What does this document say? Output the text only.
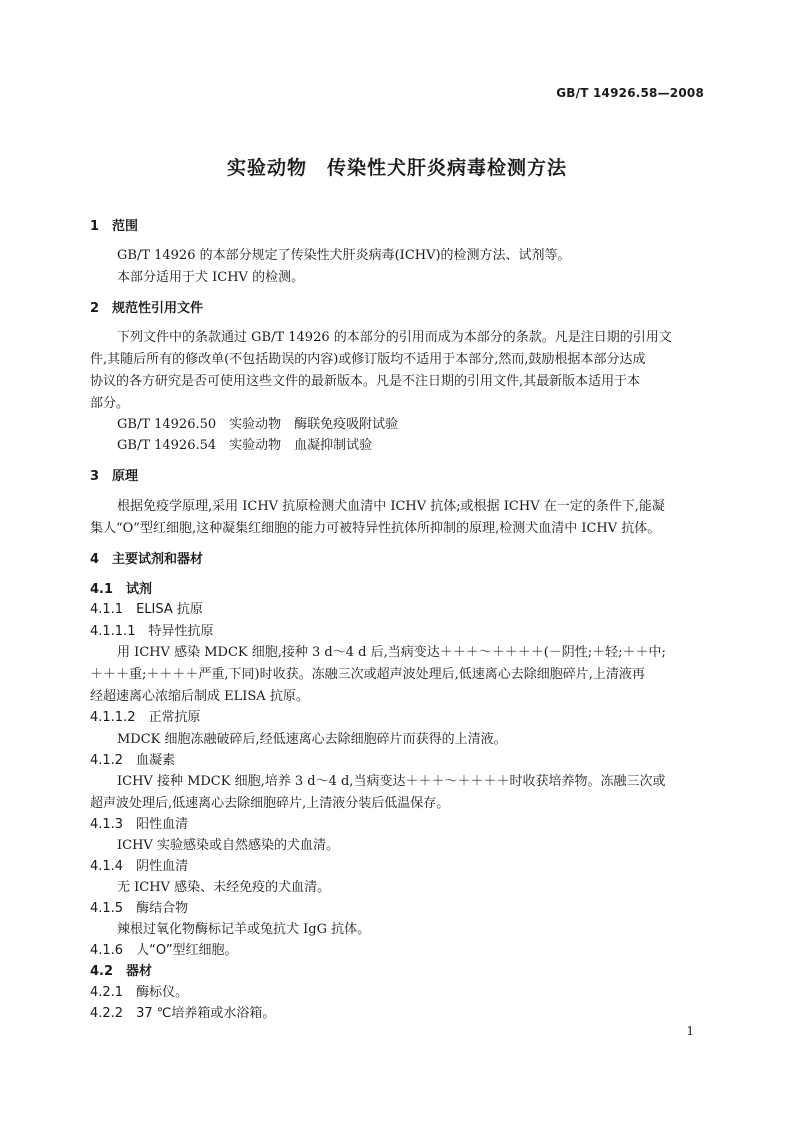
GB/T 14926.58—2008
实验动物　传染性犬肝炎病毒检测方法
1　范围
GB/T 14926 的本部分规定了传染性犬肝炎病毒(ICHV)的检测方法、试剂等。
本部分适用于犬 ICHV 的检测。
2　规范性引用文件
下列文件中的条款通过 GB/T 14926 的本部分的引用而成为本部分的条款。凡是注日期的引用文
件,其随后所有的修改单(不包括勘误的内容)或修订版均不适用于本部分,然而,鼓励根据本部分达成
协议的各方研究是否可使用这些文件的最新版本。凡是不注日期的引用文件,其最新版本适用于本
部分。
GB/T 14926.50　实验动物　酶联免疫吸附试验
GB/T 14926.54　实验动物　血凝抑制试验
3　原理
根据免疫学原理,采用 ICHV 抗原检测犬血清中 ICHV 抗体;或根据 ICHV 在一定的条件下,能凝
集人“O”型红细胞,这种凝集红细胞的能力可被特异性抗体所抑制的原理,检测犬血清中 ICHV 抗体。
4　主要试剂和器材
4.1　试剂
4.1.1　ELISA 抗原
4.1.1.1　特异性抗原
用 ICHV 感染 MDCK 细胞,接种 3 d～4 d 后,当病变达＋＋＋～＋＋＋＋(－阴性;＋轻;＋＋中;
＋＋＋重;＋＋＋＋严重,下同)时收获。冻融三次或超声波处理后,低速离心去除细胞碎片,上清液再
经超速离心浓缩后制成 ELISA 抗原。
4.1.1.2　正常抗原
MDCK 细胞冻融破碎后,经低速离心去除细胞碎片而获得的上清液。
4.1.2　血凝素
ICHV 接种 MDCK 细胞,培养 3 d～4 d,当病变达＋＋＋～＋＋＋＋时收获培养物。冻融三次或
超声波处理后,低速离心去除细胞碎片,上清液分装后低温保存。
4.1.3　阳性血清
ICHV 实验感染或自然感染的犬血清。
4.1.4　阴性血清
无 ICHV 感染、未经免疫的犬血清。
4.1.5　酶结合物
辣根过氧化物酶标记羊或兔抗犬 IgG 抗体。
4.1.6　人“O”型红细胞。
4.2　器材
4.2.1　酶标仪。
4.2.2　37 ℃培养箱或水浴箱。
1
